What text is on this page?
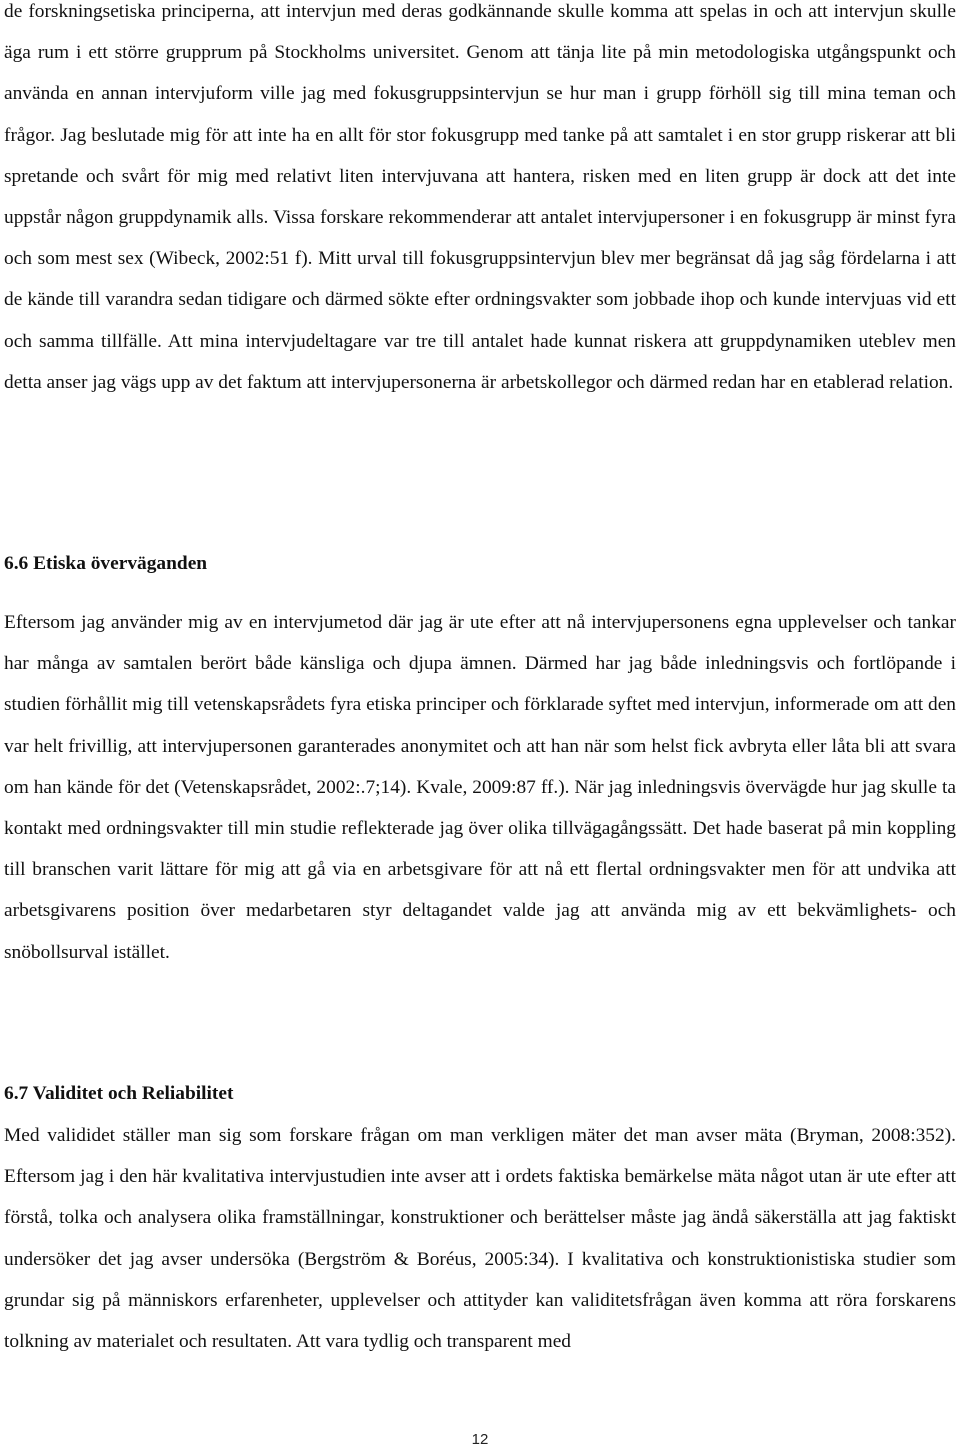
de forskningsetiska principerna, att intervjun med deras godkännande skulle komma att spelas in och att intervjun skulle äga rum i ett större grupprum på Stockholms universitet. Genom att tänja lite på min metodologiska utgångspunkt och använda en annan intervjuform ville jag med fokusgruppsintervjun se hur man i grupp förhöll sig till mina teman och frågor. Jag beslutade mig för att inte ha en allt för stor fokusgrupp med tanke på att samtalet i en stor grupp riskerar att bli spretande och svårt för mig med relativt liten intervjuvana att hantera, risken med en liten grupp är dock att det inte uppstår någon gruppdynamik alls. Vissa forskare rekommenderar att antalet intervjupersoner i en fokusgrupp är minst fyra och som mest sex (Wibeck, 2002:51 f). Mitt urval till fokusgruppsintervjun blev mer begränsat då jag såg fördelarna i att de kände till varandra sedan tidigare och därmed sökte efter ordningsvakter som jobbade ihop och kunde intervjuas vid ett och samma tillfälle. Att mina intervjudeltagare var tre till antalet hade kunnat riskera att gruppdynamiken uteblev men detta anser jag vägs upp av det faktum att intervjupersonerna är arbetskollegor och därmed redan har en etablerad relation.

6.6 Etiska överväganden

Eftersom jag använder mig av en intervjumetod där jag är ute efter att nå intervjupersonens egna upplevelser och tankar har många av samtalen berört både känsliga och djupa ämnen. Därmed har jag både inledningsvis och fortlöpande i studien förhållit mig till vetenskapsrådets fyra etiska principer och förklarade syftet med intervjun, informerade om att den var helt frivillig, att intervjupersonen garanterades anonymitet och att han när som helst fick avbryta eller låta bli att svara om han kände för det (Vetenskapsrådet, 2002:.7;14). Kvale, 2009:87 ff.). När jag inledningsvis övervägde hur jag skulle ta kontakt med ordningsvakter till min studie reflekterade jag över olika tillvägagångssätt. Det hade baserat på min koppling till branschen varit lättare för mig att gå via en arbetsgivare för att nå ett flertal ordningsvakter men för att undvika att arbetsgivarens position över medarbetaren styr deltagandet valde jag att använda mig av ett bekvämlighets- och snöbollsurval istället.

6.7 Validitet och Reliabilitet

Med valididet ställer man sig som forskare frågan om man verkligen mäter det man avser mäta (Bryman, 2008:352). Eftersom jag i den här kvalitativa intervjustudien inte avser att i ordets faktiska bemärkelse mäta något utan är ute efter att förstå, tolka och analysera olika framställningar, konstruktioner och berättelser måste jag ändå säkerställa att jag faktiskt undersöker det jag avser undersöka (Bergström & Boréus, 2005:34). I kvalitativa och konstruktionistiska studier som grundar sig på människors erfarenheter, upplevelser och attityder kan validitetsfrågan även komma att röra forskarens tolkning av materialet och resultaten. Att vara tydlig och transparent med

12
